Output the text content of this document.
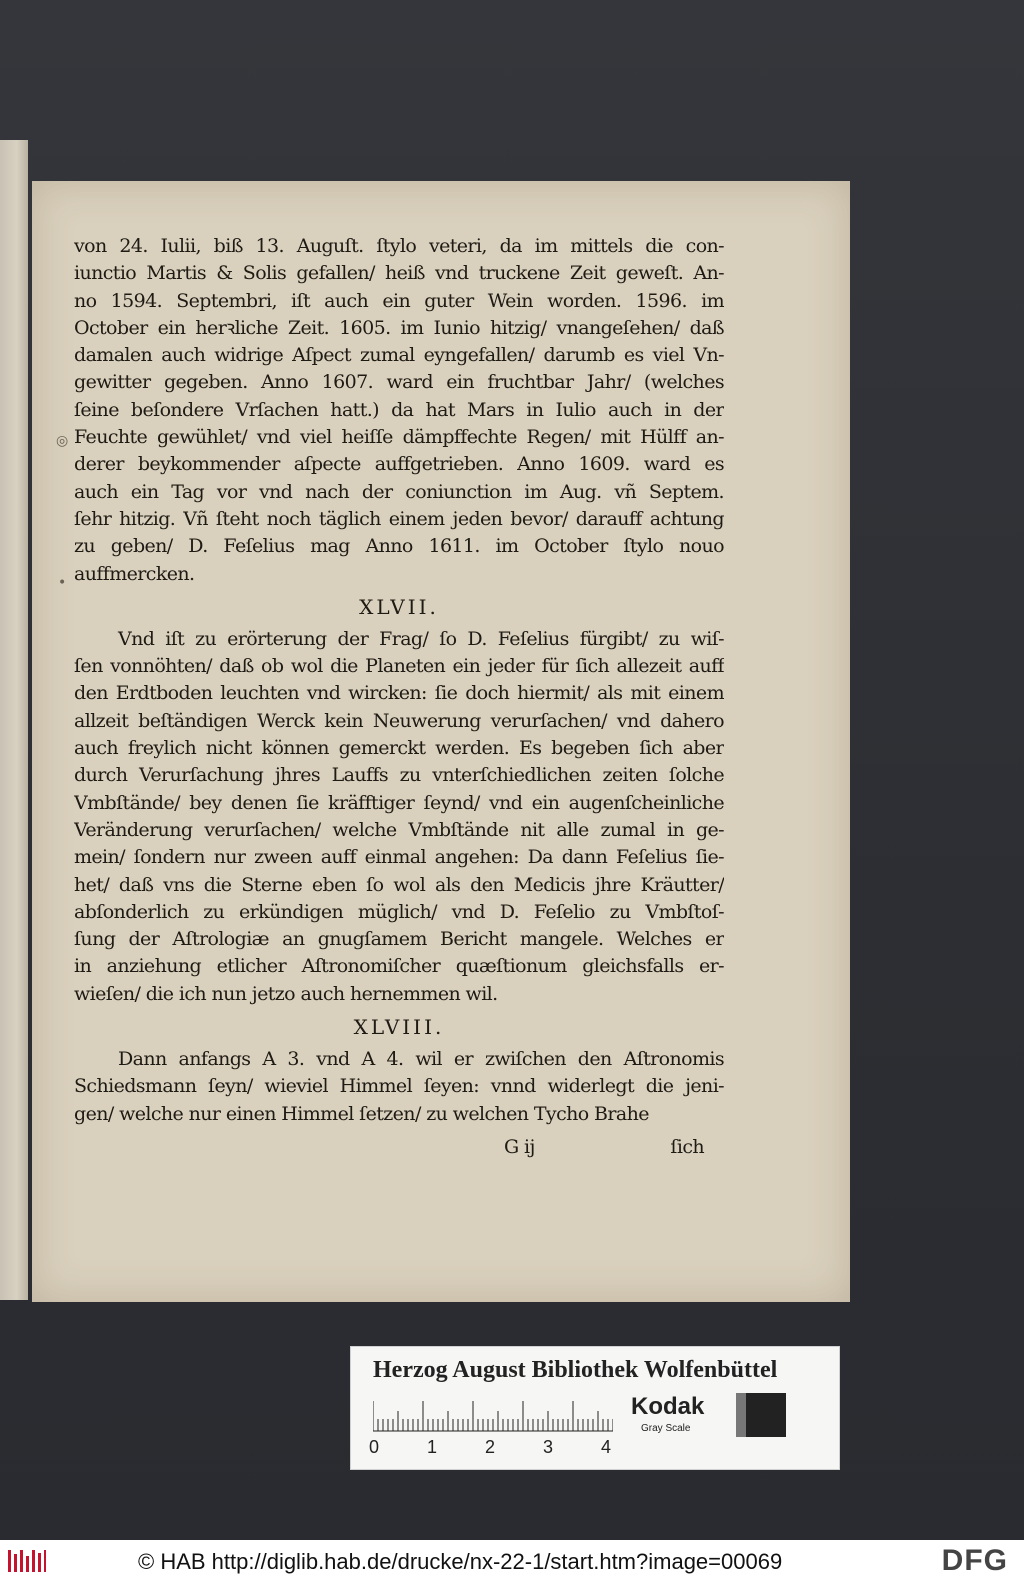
von 24. Iulii, biß 13. Auguſt. ſtylo veteri, da im mittels die con-
iunctio Martis & Solis gefallen/ heiß vnd truckene Zeit geweſt. An-
no 1594. Septembri, iſt auch ein guter Wein worden. 1596. im
October ein herꝛliche Zeit. 1605. im Iunio hitzig/ vnangeſehen/ daß
damalen auch widrige Aſpect zumal eyngefallen/ darumb es viel Vn-
gewitter gegeben. Anno 1607. ward ein fruchtbar Jahr/ (welches
ſeine beſondere Vrſachen hatt.) da hat Mars in Iulio auch in der
Feuchte gewühlet/ vnd viel heiſſe dämpffechte Regen/ mit Hülff an-
derer beykommender aſpecte auffgetrieben. Anno 1609. ward es
auch ein Tag vor vnd nach der coniunction im Aug. vñ Septem.
ſehr hitzig. Vñ ſteht noch täglich einem jeden bevor/ darauff achtung
zu geben/ D. Feſelius mag Anno 1611. im October ſtylo nouo
auffmercken.
XLVII.
Vnd iſt zu erörterung der Frag/ ſo D. Feſelius fürgibt/ zu wiſ-
ſen vonnöhten/ daß ob wol die Planeten ein jeder für ſich allezeit auff
den Erdtboden leuchten vnd wircken: ſie doch hiermit/ als mit einem
allzeit beſtändigen Werck kein Neuwerung verurſachen/ vnd dahero
auch freylich nicht können gemerckt werden. Es begeben ſich aber
durch Verurſachung jhres Lauffs zu vnterſchiedlichen zeiten ſolche
Vmbſtände/ bey denen ſie kräfftiger ſeynd/ vnd ein augenſcheinliche
Veränderung verurſachen/ welche Vmbſtände nit alle zumal in ge-
mein/ ſondern nur zween auff einmal angehen: Da dann Feſelius ſie-
het/ daß vns die Sterne eben ſo wol als den Medicis jhre Kräutter/
abſonderlich zu erkündigen müglich/ vnd D. Feſelio zu Vmbſtoſ-
ſung der Aſtrologiæ an gnugſamem Bericht mangele. Welches er
in anziehung etlicher Aſtronomiſcher quæſtionum gleichsfalls er-
wieſen/ die ich nun jetzo auch hernemmen wil.
XLVIII.
Dann anfangs A 3. vnd A 4. wil er zwiſchen den Aſtronomis
Schiedsmann ſeyn/ wieviel Himmel ſeyen: vnnd widerlegt die jeni-
gen/ welche nur einen Himmel ſetzen/ zu welchen Tycho Brahe
G ij	ſich
◎
•
Herzog August Bibliothek Wolfenbüttel
0	1	2	3	4
Kodak
Gray Scale
© HAB http://diglib.hab.de/drucke/nx-22-1/start.htm?image=00069	DFG
